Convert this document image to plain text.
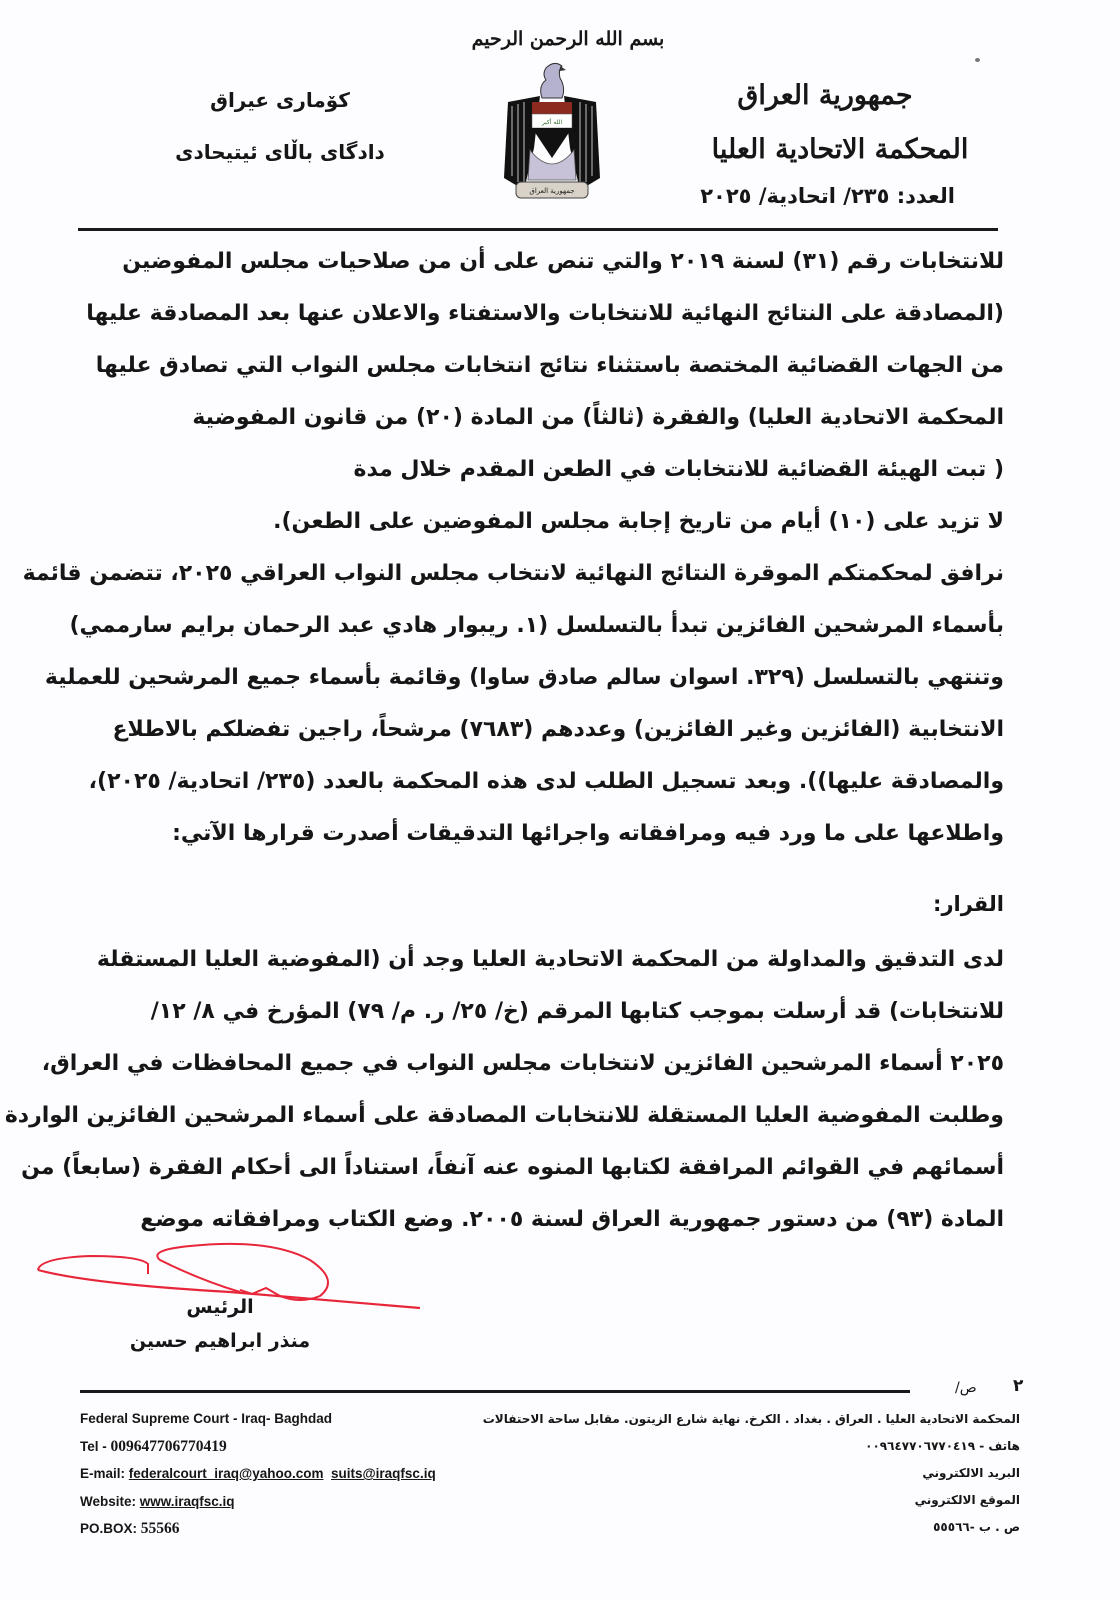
بسم الله الرحمن الرحيم
الله أكبر
جمهورية العراق
جمهورية العراق
المحكمة الاتحادية العليا
العدد: ٢٣٥/ اتحادية/ ٢٠٢٥
کۆماری عیراق
دادگای باڵای ئیتیحادی

للانتخابات رقم (٣١) لسنة ٢٠١٩ والتي تنص على أن من صلاحيات مجلس المفوضين

(المصادقة على النتائج النهائية للانتخابات والاستفتاء والاعلان عنها بعد المصادقة عليها

من الجهات القضائية المختصة باستثناء نتائج انتخابات مجلس النواب التي تصادق عليها

المحكمة الاتحادية العليا) والفقرة (ثالثاً) من المادة (٢٠) من قانون المفوضية

( تبت الهيئة القضائية للانتخابات في الطعن المقدم خلال مدة

لا تزيد على (١٠) أيام من تاريخ إجابة مجلس المفوضين على الطعن).

نرافق لمحكمتكم الموقرة النتائج النهائية لانتخاب مجلس النواب العراقي ٢٠٢٥، تتضمن قائمة

بأسماء المرشحين الفائزين تبدأ بالتسلسل (١. ريبوار هادي عبد الرحمان برايم سارممي)

وتنتهي بالتسلسل (٣٢٩. اسوان سالم صادق ساوا) وقائمة بأسماء جميع المرشحين للعملية

الانتخابية (الفائزين وغير الفائزين) وعددهم (٧٦٨٣) مرشحاً، راجين تفضلكم بالاطلاع

والمصادقة عليها)). وبعد تسجيل الطلب لدى هذه المحكمة بالعدد (٢٣٥/ اتحادية/ ٢٠٢٥)،

واطلاعها على ما ورد فيه ومرافقاته واجرائها التدقيقات أصدرت قرارها الآتي:

القرار:

لدى التدقيق والمداولة من المحكمة الاتحادية العليا وجد أن (المفوضية العليا المستقلة

للانتخابات) قد أرسلت بموجب كتابها المرقم (خ/ ٢٥/ ر. م/ ٧٩) المؤرخ في ٨/ ١٢/

٢٠٢٥ أسماء المرشحين الفائزين لانتخابات مجلس النواب في جميع المحافظات في العراق،

وطلبت المفوضية العليا المستقلة للانتخابات المصادقة على أسماء المرشحين الفائزين الواردة

أسمائهم في القوائم المرافقة لكتابها المنوه عنه آنفاً، استناداً الى أحكام الفقرة (سابعاً) من

المادة (٩٣) من دستور جمهورية العراق لسنة ٢٠٠٥. وضع الكتاب ومرافقاته موضع

الرئيس
منذر ابراهيم حسين
٢
ص/
Federal Supreme Court - Iraq- Baghdad
Tel - 009647706770419
E-mail: federalcourt_iraq@yahoo.com suits@iraqfsc.iq
Website: www.iraqfsc.iq
PO.BOX: 55566
المحكمة الاتحادية العليا . العراق . بغداد . الكرخ. نهاية شارع الزيتون. مقابل ساحة الاحتفالات
هاتف - ٠٠٩٦٤٧٧٠٦٧٧٠٤١٩
البريد الالكتروني
الموقع الالكتروني
ص . ب -٥٥٥٦٦
